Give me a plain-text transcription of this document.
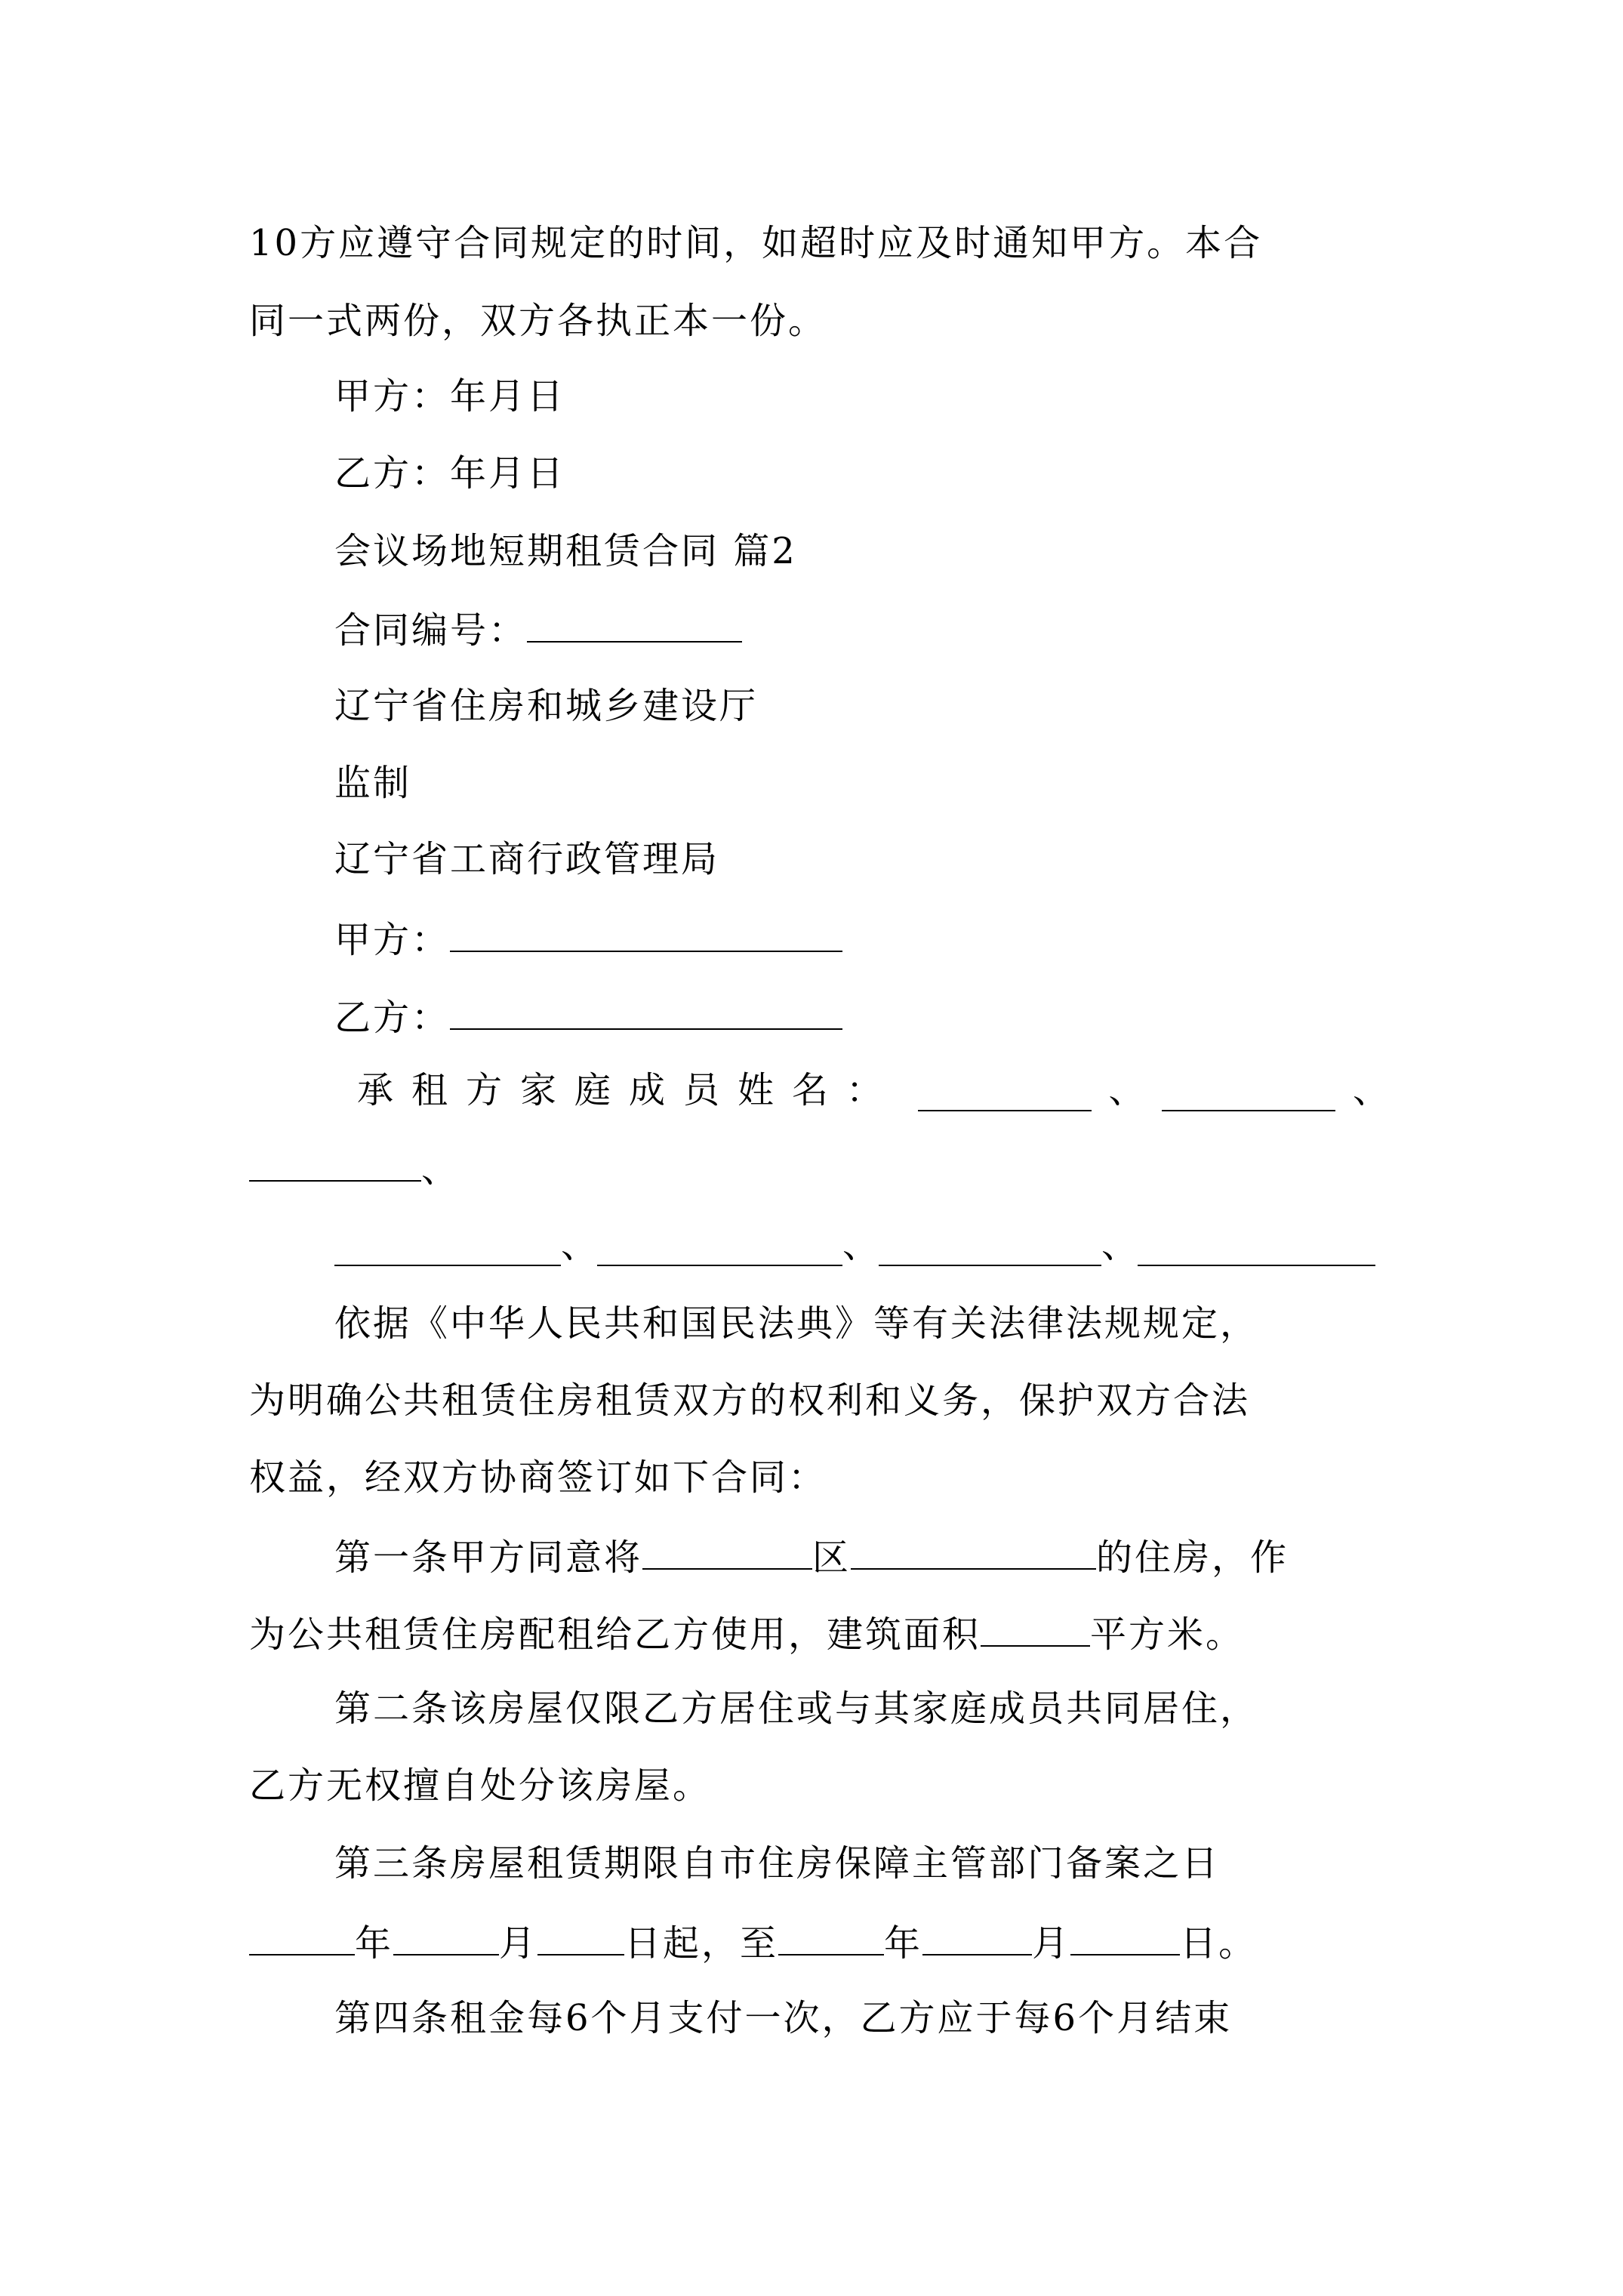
10方应遵守合同规定的时间，如超时应及时通知甲方。本合
同一式两份，双方各执正本一份。
甲方：年月日
乙方：年月日
会议场地短期租赁合同 篇2
合同编号：
辽宁省住房和城乡建设厅
监制
辽宁省工商行政管理局
甲方：
乙方：
承租方家庭成员姓名：	、	、
、
、	、	、
依据《中华人民共和国民法典》等有关法律法规规定，
为明确公共租赁住房租赁双方的权利和义务，保护双方合法
权益，经双方协商签订如下合同：
第一条甲方同意将	区	的住房，作
为公共租赁住房配租给乙方使用，建筑面积	平方米。
第二条该房屋仅限乙方居住或与其家庭成员共同居住，
乙方无权擅自处分该房屋。
第三条房屋租赁期限自市住房保障主管部门备案之日
年	月 日起，至	年	月	日。
第四条租金每6个月支付一次，乙方应于每6个月结束
